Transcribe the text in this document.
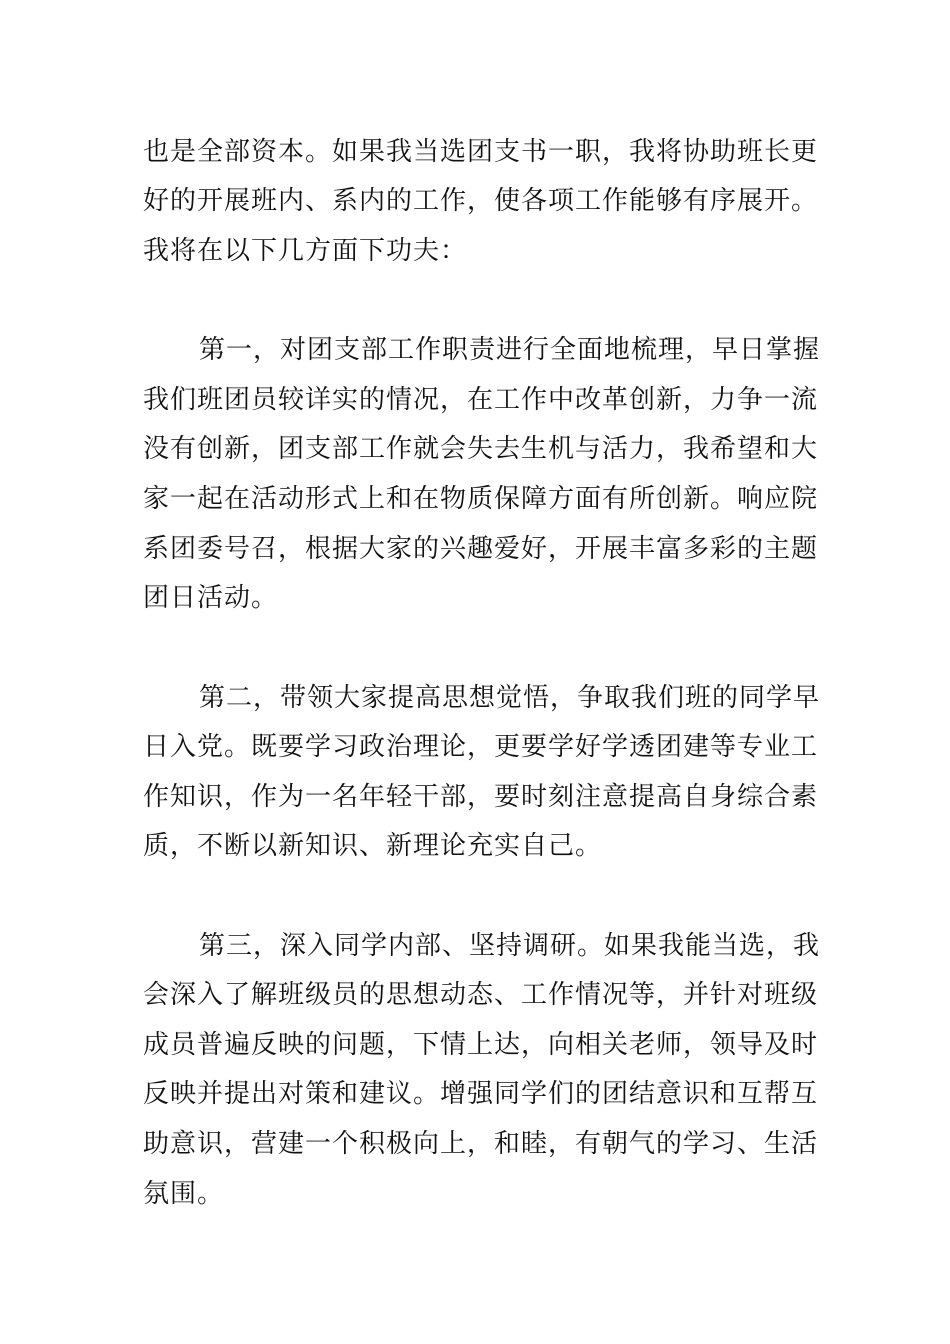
也是全部资本。如果我当选团支书一职，我将协助班长更
好的开展班内、系内的工作，使各项工作能够有序展开。
我将在以下几方面下功夫：
第一，对团支部工作职责进行全面地梳理，早日掌握
我们班团员较详实的情况，在工作中改革创新，力争一流
没有创新，团支部工作就会失去生机与活力，我希望和大
家一起在活动形式上和在物质保障方面有所创新。响应院
系团委号召，根据大家的兴趣爱好，开展丰富多彩的主题
团日活动。
第二，带领大家提高思想觉悟，争取我们班的同学早
日入党。既要学习政治理论，更要学好学透团建等专业工
作知识，作为一名年轻干部，要时刻注意提高自身综合素
质，不断以新知识、新理论充实自己。
第三，深入同学内部、坚持调研。如果我能当选，我
会深入了解班级员的思想动态、工作情况等，并针对班级
成员普遍反映的问题，下情上达，向相关老师，领导及时
反映并提出对策和建议。增强同学们的团结意识和互帮互
助意识，营建一个积极向上，和睦，有朝气的学习、生活
氛围。
